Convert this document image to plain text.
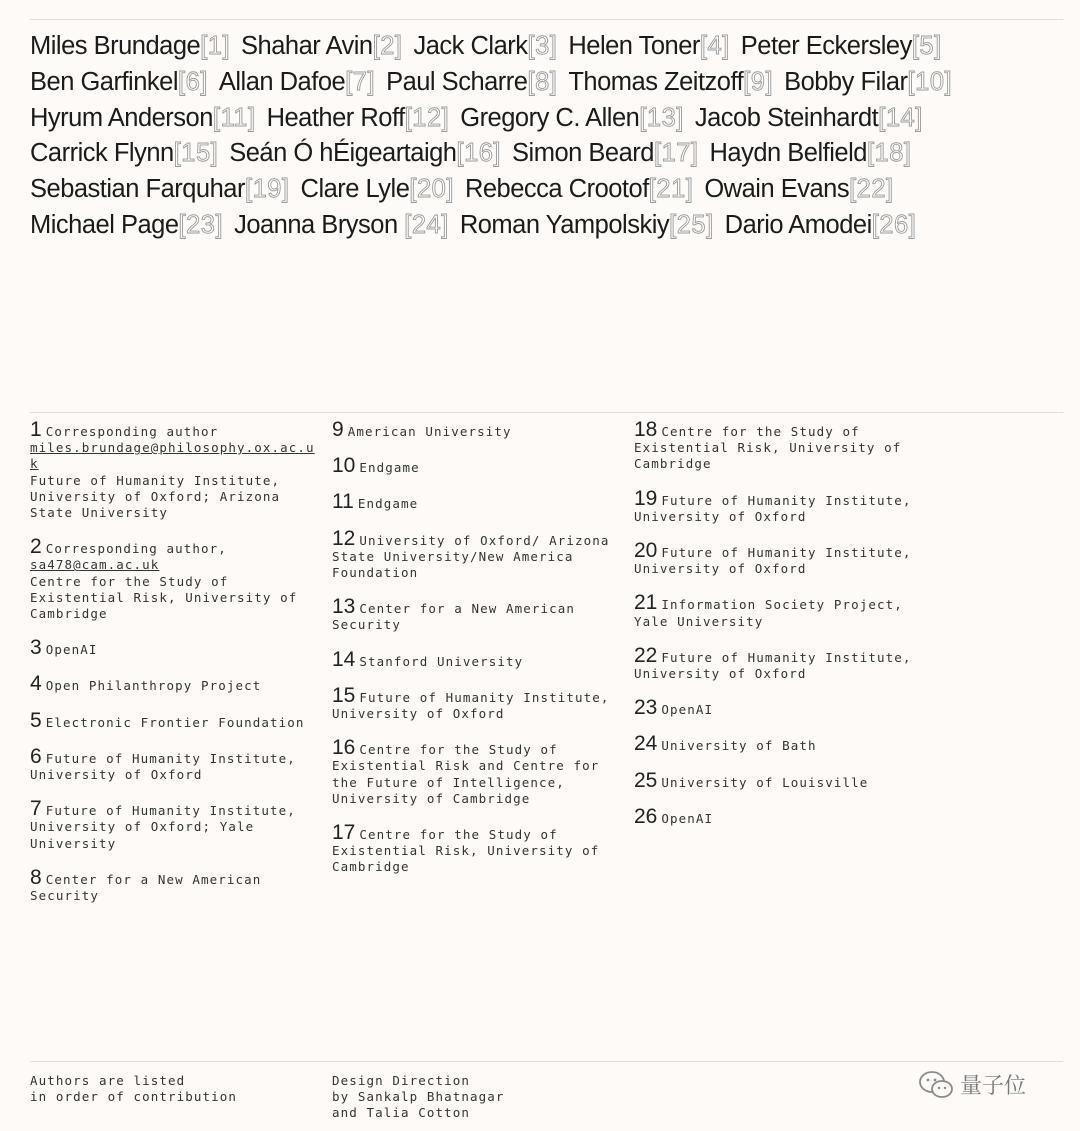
Miles Brundage[1] Shahar Avin[2] Jack Clark[3] Helen Toner[4] Peter Eckersley[5]Ben Garfinkel[6] Allan Dafoe[7] Paul Scharre[8] Thomas Zeitzoff[9] Bobby Filar[10]Hyrum Anderson[11] Heather Roff[12] Gregory C. Allen[13] Jacob Steinhardt[14]Carrick Flynn[15] Seán Ó hÉigeartaigh[16] Simon Beard[17] Haydn Belfield[18]Sebastian Farquhar[19] Clare Lyle[20] Rebecca Crootof[21] Owain Evans[22]Michael Page[23] Joanna Bryson [24] Roman Yampolskiy[25] Dario Amodei[26]
1 Corresponding author
miles.brundage@philosophy.ox.ac.uk
Future of Humanity Institute, University of Oxford; Arizona State University
2 Corresponding author,
sa478@cam.ac.uk
Centre for the Study of Existential Risk, University of Cambridge
3 OpenAI
4 Open Philanthropy Project
5 Electronic Frontier Foundation
6 Future of Humanity Institute, University of Oxford
7 Future of Humanity Institute, University of Oxford; Yale University
8 Center for a New American Security
9 American University
10 Endgame
11 Endgame
12 University of Oxford/ Arizona State University/New America Foundation
13 Center for a New American Security
14 Stanford University
15 Future of Humanity Institute, University of Oxford
16 Centre for the Study of Existential Risk and Centre for the Future of Intelligence, University of Cambridge
17 Centre for the Study of Existential Risk, University of Cambridge
18 Centre for the Study of Existential Risk, University of Cambridge
19 Future of Humanity Institute, University of Oxford
20 Future of Humanity Institute, University of Oxford
21 Information Society Project, Yale University
22 Future of Humanity Institute, University of Oxford
23 OpenAI
24 University of Bath
25 University of Louisville
26 OpenAI
Authors are listed
in order of contribution
Design Direction
by Sankalp Bhatnagar
and Talia Cotton
量子位
